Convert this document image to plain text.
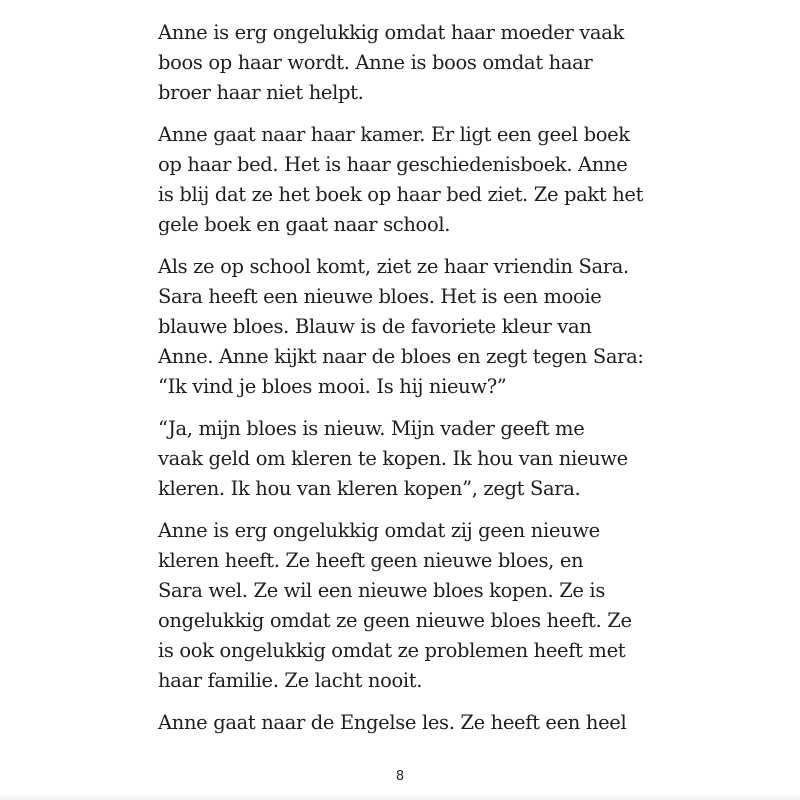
Anne is erg ongelukkig omdat haar moeder vaak
boos op haar wordt. Anne is boos omdat haar
broer haar niet helpt.

Anne gaat naar haar kamer. Er ligt een geel boek
op haar bed. Het is haar geschiedenisboek. Anne
is blij dat ze het boek op haar bed ziet. Ze pakt het
gele boek en gaat naar school.

Als ze op school komt, ziet ze haar vriendin Sara.
Sara heeft een nieuwe bloes. Het is een mooie
blauwe bloes. Blauw is de favoriete kleur van
Anne. Anne kijkt naar de bloes en zegt tegen Sara:
“Ik vind je bloes mooi. Is hij nieuw?”

“Ja, mijn bloes is nieuw. Mijn vader geeft me
vaak geld om kleren te kopen. Ik hou van nieuwe
kleren. Ik hou van kleren kopen”, zegt Sara.

Anne is erg ongelukkig omdat zij geen nieuwe
kleren heeft. Ze heeft geen nieuwe bloes, en
Sara wel. Ze wil een nieuwe bloes kopen. Ze is
ongelukkig omdat ze geen nieuwe bloes heeft. Ze
is ook ongelukkig omdat ze problemen heeft met
haar familie. Ze lacht nooit.

Anne gaat naar de Engelse les. Ze heeft een heel

8
